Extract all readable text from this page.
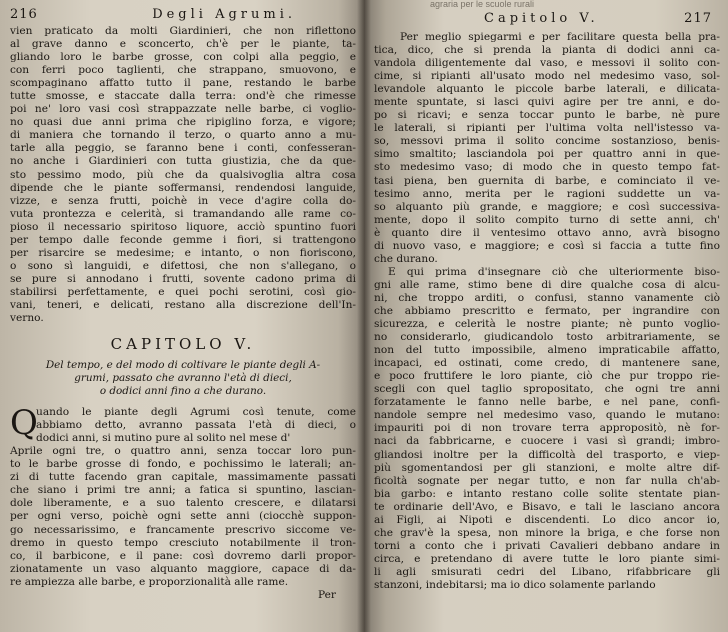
216	Degli Agrumi.
vien praticato da molti Giardinieri, che non riflettono
al grave danno e sconcerto, ch'è per le piante, ta-
gliando loro le barbe grosse, con colpi alla peggio, e
con ferri poco taglienti, che strappano, smuovono, e
scompaginano affatto tutto il pane, restando le barbe
tutte smosse, e staccate dalla terra: ond'è che rimesse
poi ne' loro vasi così strappazzate nelle barbe, ci voglio-
no quasi due anni prima che ripiglino forza, e vigore;
di maniera che tornando il terzo, o quarto anno a mu-
tarle alla peggio, se faranno bene i conti, confesseran-
no anche i Giardinieri con tutta giustizia, che da que-
sto pessimo modo, più che da qualsivoglia altra cosa
dipende che le piante soffermansi, rendendosi languide,
vizze, e senza frutti, poichè in vece d'agire colla do-
vuta prontezza e celerità, si tramandando alle rame co-
pioso il necessario spiritoso liquore, acciò spuntino fuori
per tempo dalle feconde gemme i fiori, si trattengono
per risarcire se medesime; e intanto, o non fioriscono,
o sono sì languidi, e difettosi, che non s'allegano, o
se pure si annodano i frutti, sovente cadono prima di
stabilirsi perfettamente, e quei pochi serotini, così gio-
vani, teneri, e delicati, restano alla discrezione dell'In-
verno.
CAPITOLO V.
Del tempo, e del modo di coltivare le piante degli A-
grumi, passato che avranno l'età di dieci,
o dodici anni fino a che durano.
Q
uando le piante degli Agrumi così tenute, come
abbiamo detto, avranno passata l'età di dieci, o
dodici anni, si mutino pure al solito nel mese d'
Aprile ogni tre, o quattro anni, senza toccar loro pun-
to le barbe grosse di fondo, e pochissimo le laterali; an-
zi di tutte facendo gran capitale, massimamente passati
che siano i primi tre anni; a fatica si spuntino, lascian-
dole liberamente, e a suo talento crescere, e dilatarsi
per ogni verso, poichè ogni sette anni (ciocchè suppon-
go necessarissimo, e francamente prescrivo siccome ve-
dremo in questo tempo cresciuto notabilmente il tron-
co, il barbicone, e il pane: così dovremo darli propor-
zionatamente un vaso alquanto maggiore, capace di da-
re ampiezza alle barbe, e proporzionalità alle rame.
Per
agraria per le scuole rurali
Capitolo V.	217
Per meglio spiegarmi e per facilitare questa bella pra-
tica, dico, che si prenda la pianta di dodici anni ca-
vandola diligentemente dal vaso, e messovi il solito con-
cime, si ripianti all'usato modo nel medesimo vaso, sol-
levandole alquanto le piccole barbe laterali, e dilicata-
mente spuntate, si lasci quivi agire per tre anni, e do-
po si ricavi; e senza toccar punto le barbe, nè pure
le laterali, si ripianti per l'ultima volta nell'istesso va-
so, messovi prima il solito concime sostanzioso, benis-
simo smaltito; lasciandola poi per quattro anni in que-
sto medesimo vaso; di modo che in questo tempo fat-
tasi piena, ben guernita di barbe, e cominciato il ve-
tesimo anno, merita per le ragioni suddette un va-
so alquanto più grande, e maggiore; e così successiva-
mente, dopo il solito compito turno di sette anni, ch'
è quanto dire il ventesimo ottavo anno, avrà bisogno
di nuovo vaso, e maggiore; e così si faccia a tutte fino
che durano.
E qui prima d'insegnare ciò che ulteriormente biso-
gni alle rame, stimo bene di dire qualche cosa di alcu-
ni, che troppo arditi, o confusi, stanno vanamente ciò
che abbiamo prescritto e fermato, per ingrandire con
sicurezza, e celerità le nostre piante; nè punto voglio-
no considerarlo, giudicandolo tosto arbitrariamente, se
non del tutto impossibile, almeno impraticabile affatto,
incapaci, ed ostinati, come credo, di mantenere sane,
e poco fruttifere le loro piante, ciò che pur troppo rie-
scegli con quel taglio spropositato, che ogni tre anni
forzatamente le fanno nelle barbe, e nel pane, confi-
nandole sempre nel medesimo vaso, quando le mutano:
impauriti poi di non trovare terra appropositò, nè for-
naci da fabbricarne, e cuocere i vasi sì grandi; imbro-
gliandosi inoltre per la difficoltà del trasporto, e viep-
più sgomentandosi per gli stanzioni, e molte altre dif-
ficoltà sognate per negar tutto, e non far nulla ch'ab-
bia garbo: e intanto restano colle solite stentate pian-
te ordinarie dell'Avo, e Bisavo, e tali le lasciano ancora
ai Figli, ai Nipoti e discendenti. Lo dico ancor io,
che grav'è la spesa, non minore la briga, e che forse non
torni a conto che i privati Cavalieri debbano andare in
circa, e pretendano di avere tutte le loro piante simi-
li agli smisurati cedri del Libano, rifabbricare gli
stanzoni, indebitarsi; ma io dico solamente parlando
